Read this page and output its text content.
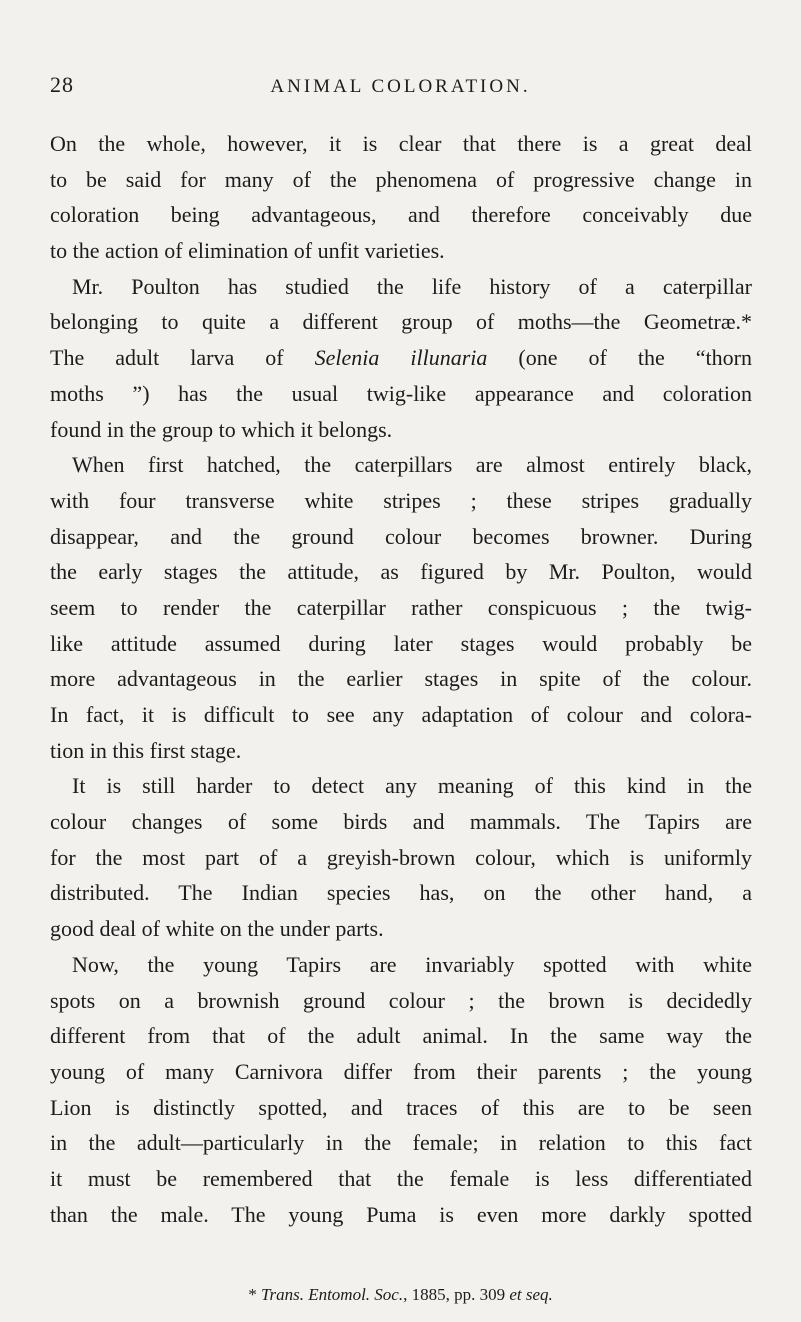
28	ANIMAL COLORATION.
On the whole, however, it is clear that there is a great deal
to be said for many of the phenomena of progressive change in
coloration being advantageous, and therefore conceivably due
to the action of elimination of unfit varieties.
Mr. Poulton has studied the life history of a caterpillar
belonging to quite a different group of moths—the Geometræ.*
The adult larva of Selenia illunaria (one of the “thorn
moths ”) has the usual twig-like appearance and coloration
found in the group to which it belongs.
When first hatched, the caterpillars are almost entirely black,
with four transverse white stripes ; these stripes gradually
disappear, and the ground colour becomes browner. During
the early stages the attitude, as figured by Mr. Poulton, would
seem to render the caterpillar rather conspicuous ; the twig-
like attitude assumed during later stages would probably be
more advantageous in the earlier stages in spite of the colour.
In fact, it is difficult to see any adaptation of colour and colora-
tion in this first stage.
It is still harder to detect any meaning of this kind in the
colour changes of some birds and mammals. The Tapirs are
for the most part of a greyish-brown colour, which is uniformly
distributed. The Indian species has, on the other hand, a
good deal of white on the under parts.
Now, the young Tapirs are invariably spotted with white
spots on a brownish ground colour ; the brown is decidedly
different from that of the adult animal. In the same way the
young of many Carnivora differ from their parents ; the young
Lion is distinctly spotted, and traces of this are to be seen
in the adult—particularly in the female; in relation to this fact
it must be remembered that the female is less differentiated
than the male. The young Puma is even more darkly spotted
* Trans. Entomol. Soc., 1885, pp. 309 et seq.
